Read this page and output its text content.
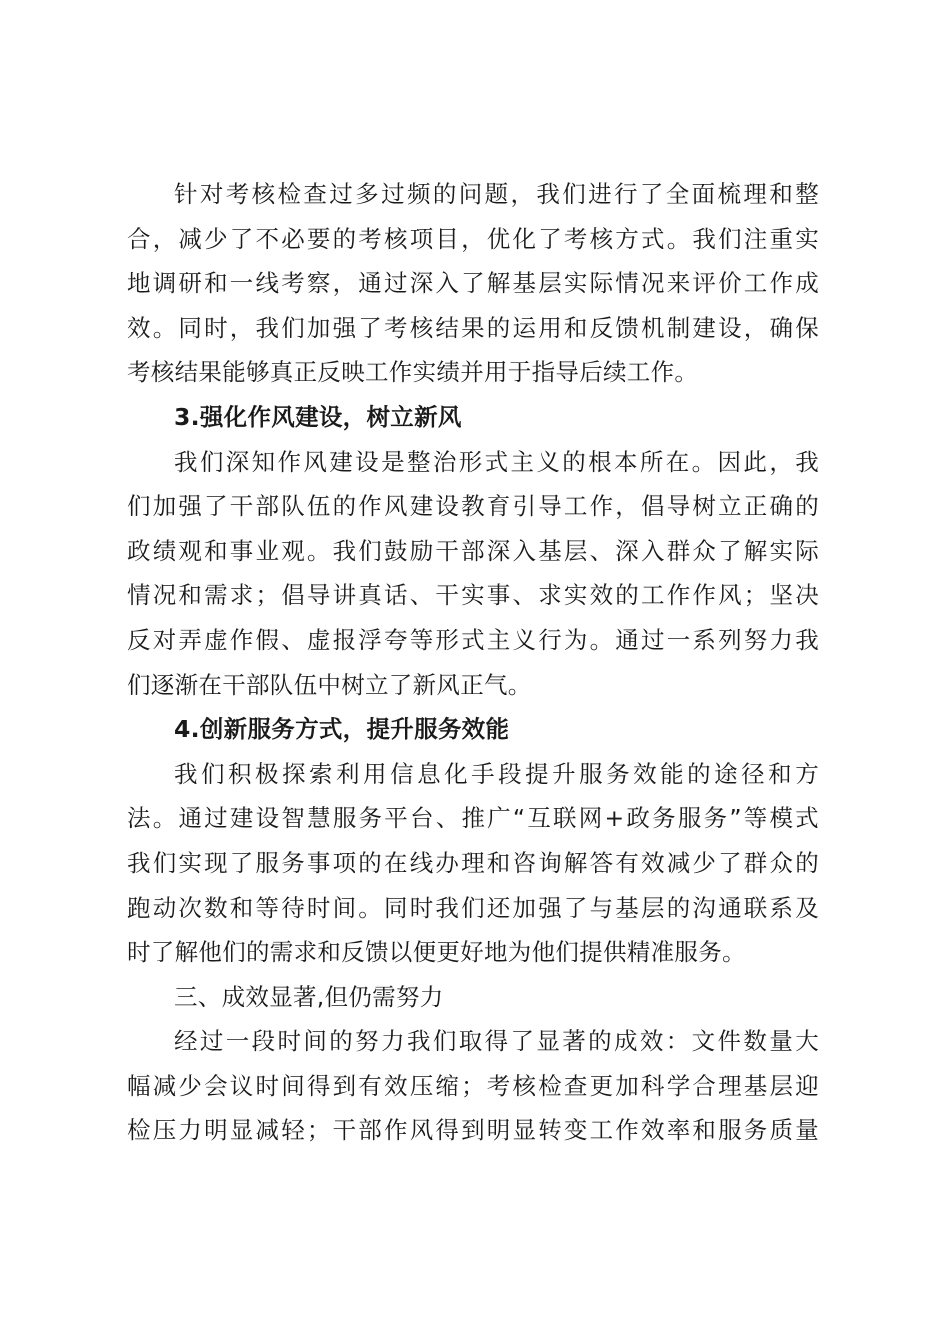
针对考核检查过多过频的问题，我们进行了全面梳理和整
合，减少了不必要的考核项目，优化了考核方式。我们注重实
地调研和一线考察，通过深入了解基层实际情况来评价工作成
效。同时，我们加强了考核结果的运用和反馈机制建设，确保
考核结果能够真正反映工作实绩并用于指导后续工作。

3.强化作风建设，树立新风

我们深知作风建设是整治形式主义的根本所在。因此，我
们加强了干部队伍的作风建设教育引导工作，倡导树立正确的
政绩观和事业观。我们鼓励干部深入基层、深入群众了解实际
情况和需求；倡导讲真话、干实事、求实效的工作作风；坚决
反对弄虚作假、虚报浮夸等形式主义行为。通过一系列努力我
们逐渐在干部队伍中树立了新风正气。

4.创新服务方式，提升服务效能

我们积极探索利用信息化手段提升服务效能的途径和方
法。通过建设智慧服务平台、推广“互联网+政务服务”等模式
我们实现了服务事项的在线办理和咨询解答有效减少了群众的
跑动次数和等待时间。同时我们还加强了与基层的沟通联系及
时了解他们的需求和反馈以便更好地为他们提供精准服务。

三、成效显著,但仍需努力

经过一段时间的努力我们取得了显著的成效：文件数量大
幅减少会议时间得到有效压缩；考核检查更加科学合理基层迎
检压力明显减轻；干部作风得到明显转变工作效率和服务质量
